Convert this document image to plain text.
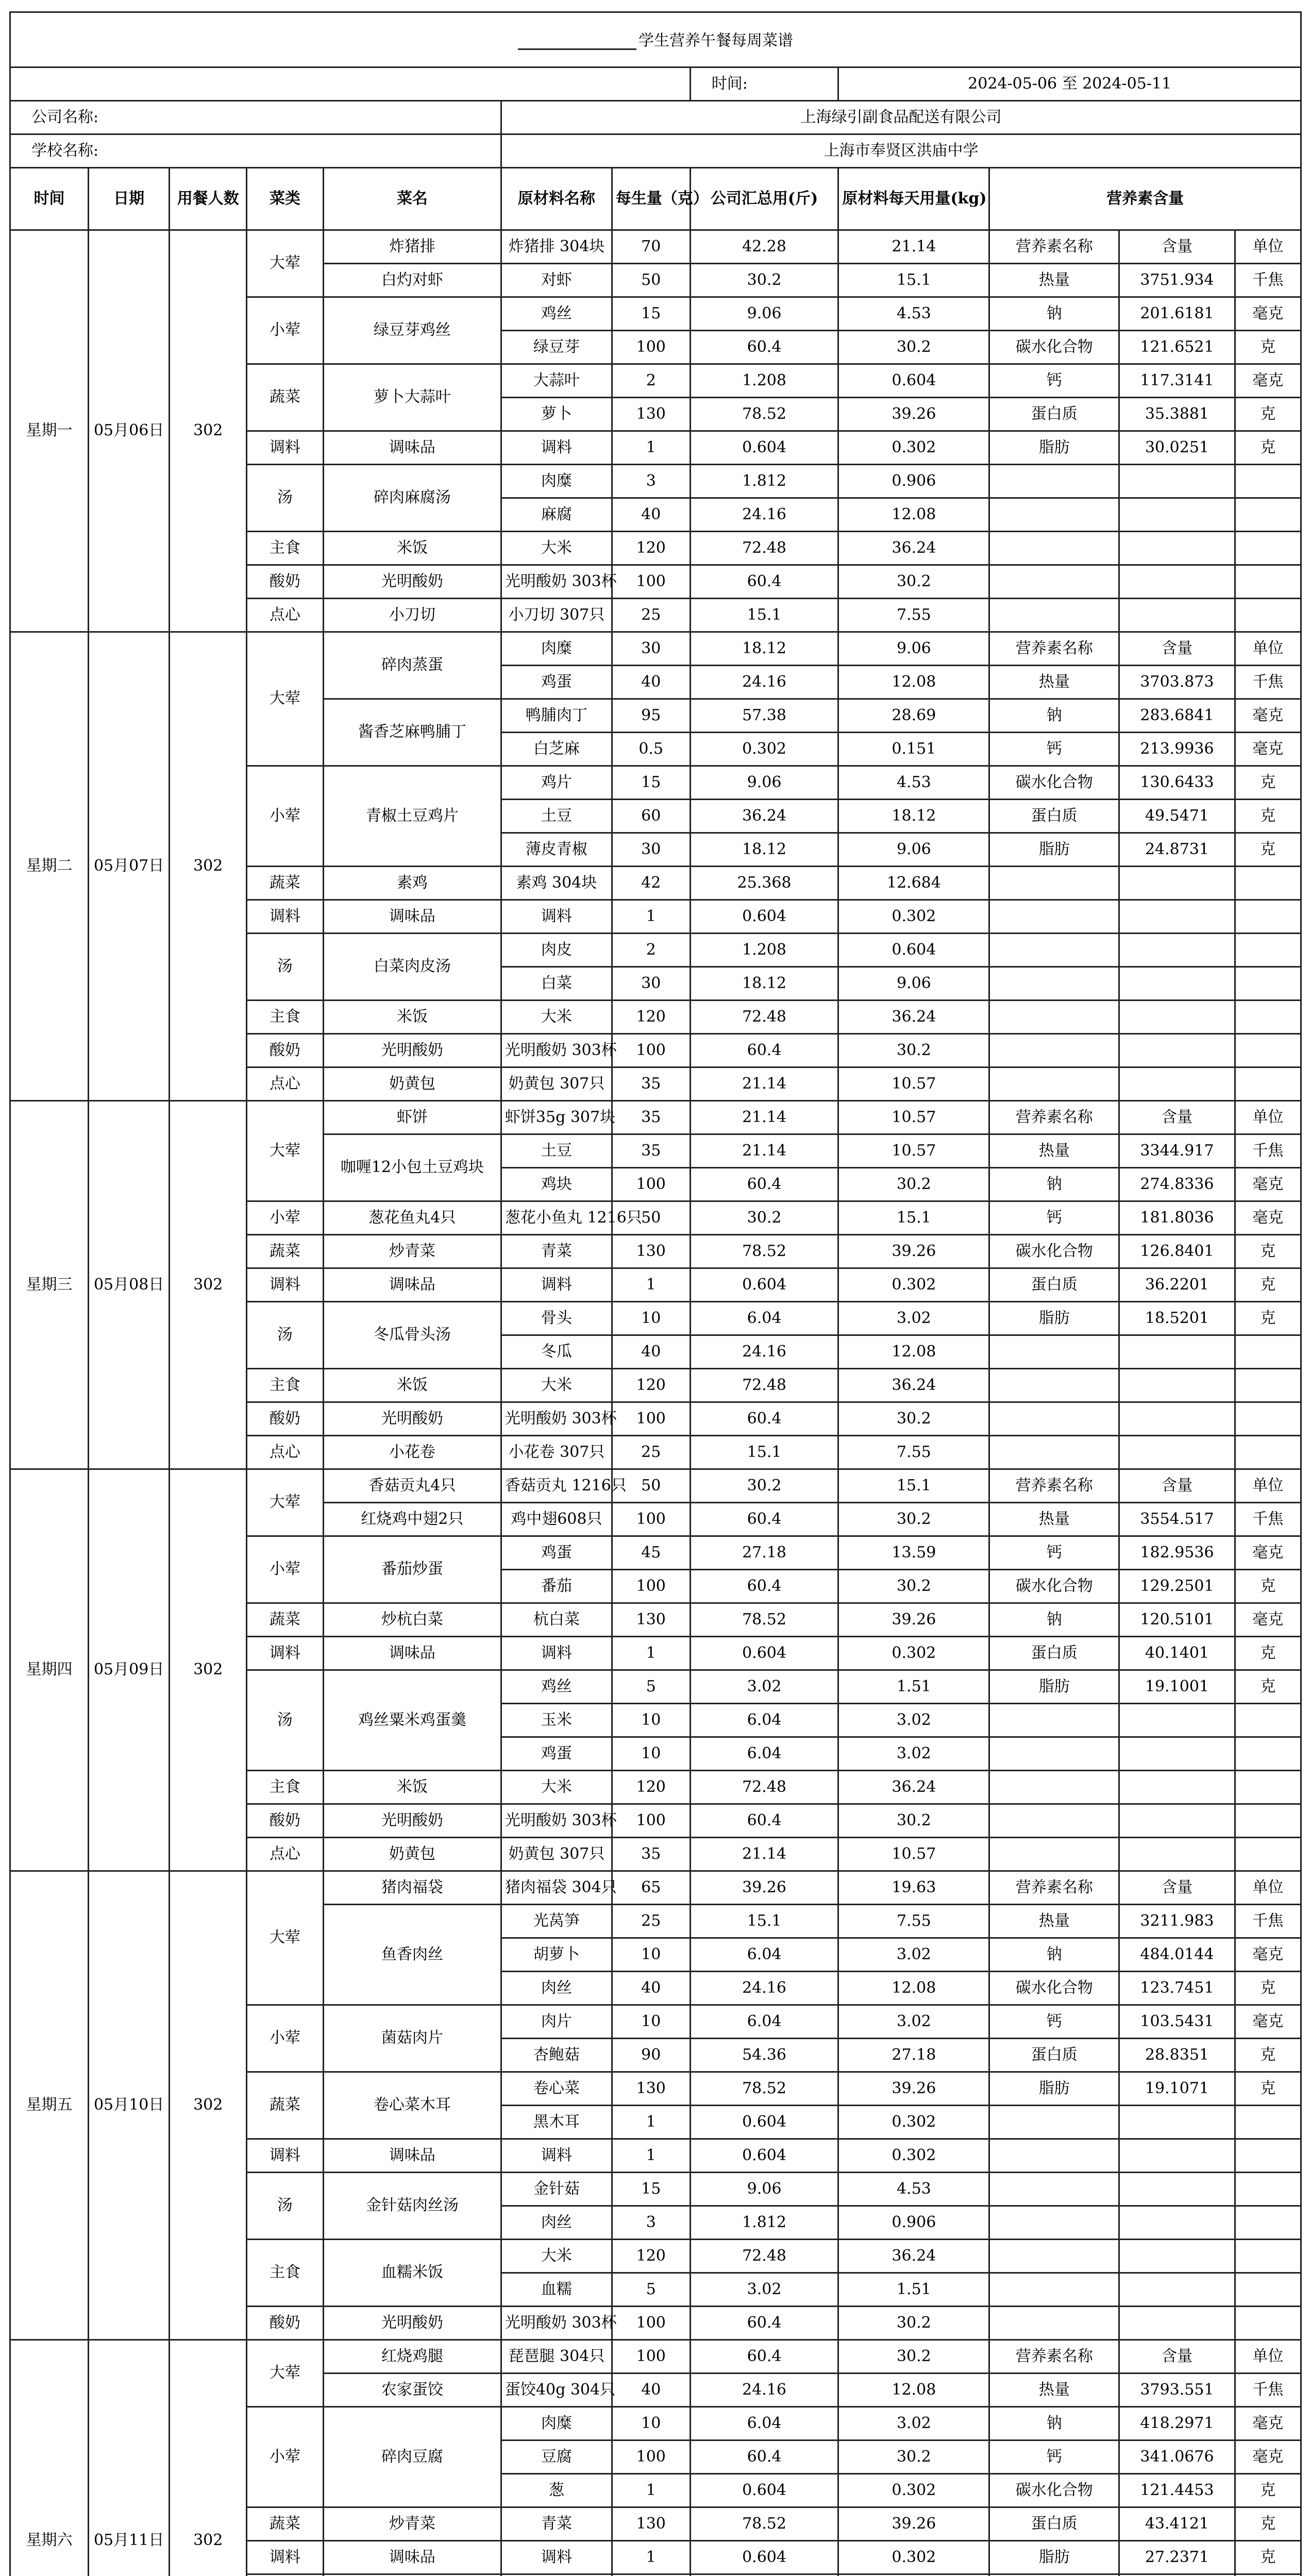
学生营养午餐每周菜谱											
							时间:	2024-05-06 至 2024-05-11			
公司名称:					上海绿引副食品配送有限公司						
学校名称:					上海市奉贤区洪庙中学						
时间	日期	用餐人数	菜类	菜名	原材料名称	每生量（克）	公司汇总用(斤)	原材料每天用量(kg)	营养素含量		
星期一	05月06日	302	大荤	炸猪排	炸猪排 304块	70	42.28	21.14	营养素名称	含量	单位
				白灼对虾	对虾	50	30.2	15.1	热量	3751.934	千焦
			小荤	绿豆芽鸡丝	鸡丝	15	9.06	4.53	钠	201.6181	毫克
					绿豆芽	100	60.4	30.2	碳水化合物	121.6521	克
			蔬菜	萝卜大蒜叶	大蒜叶	2	1.208	0.604	钙	117.3141	毫克
					萝卜	130	78.52	39.26	蛋白质	35.3881	克
			调料	调味品	调料	1	0.604	0.302	脂肪	30.0251	克
			汤	碎肉麻腐汤	肉糜	3	1.812	0.906			
					麻腐	40	24.16	12.08			
			主食	米饭	大米	120	72.48	36.24			
			酸奶	光明酸奶	光明酸奶 303杯	100	60.4	30.2			
			点心	小刀切	小刀切 307只	25	15.1	7.55			
星期二	05月07日	302	大荤	碎肉蒸蛋	肉糜	30	18.12	9.06	营养素名称	含量	单位
					鸡蛋	40	24.16	12.08	热量	3703.873	千焦
				酱香芝麻鸭脯丁	鸭脯肉丁	95	57.38	28.69	钠	283.6841	毫克
					白芝麻	0.5	0.302	0.151	钙	213.9936	毫克
			小荤	青椒土豆鸡片	鸡片	15	9.06	4.53	碳水化合物	130.6433	克
					土豆	60	36.24	18.12	蛋白质	49.5471	克
					薄皮青椒	30	18.12	9.06	脂肪	24.8731	克
			蔬菜	素鸡	素鸡 304块	42	25.368	12.684			
			调料	调味品	调料	1	0.604	0.302			
			汤	白菜肉皮汤	肉皮	2	1.208	0.604			
					白菜	30	18.12	9.06			
			主食	米饭	大米	120	72.48	36.24			
			酸奶	光明酸奶	光明酸奶 303杯	100	60.4	30.2			
			点心	奶黄包	奶黄包 307只	35	21.14	10.57			
星期三	05月08日	302	大荤	虾饼	虾饼35g 307块	35	21.14	10.57	营养素名称	含量	单位
				咖喱12小包土豆鸡块	土豆	35	21.14	10.57	热量	3344.917	千焦
					鸡块	100	60.4	30.2	钠	274.8336	毫克
			小荤	葱花鱼丸4只	葱花小鱼丸 1216只	50	30.2	15.1	钙	181.8036	毫克
			蔬菜	炒青菜	青菜	130	78.52	39.26	碳水化合物	126.8401	克
			调料	调味品	调料	1	0.604	0.302	蛋白质	36.2201	克
			汤	冬瓜骨头汤	骨头	10	6.04	3.02	脂肪	18.5201	克
					冬瓜	40	24.16	12.08			
			主食	米饭	大米	120	72.48	36.24			
			酸奶	光明酸奶	光明酸奶 303杯	100	60.4	30.2			
			点心	小花卷	小花卷 307只	25	15.1	7.55			
星期四	05月09日	302	大荤	香菇贡丸4只	香菇贡丸 1216只	50	30.2	15.1	营养素名称	含量	单位
				红烧鸡中翅2只	鸡中翅608只	100	60.4	30.2	热量	3554.517	千焦
			小荤	番茄炒蛋	鸡蛋	45	27.18	13.59	钙	182.9536	毫克
					番茄	100	60.4	30.2	碳水化合物	129.2501	克
			蔬菜	炒杭白菜	杭白菜	130	78.52	39.26	钠	120.5101	毫克
			调料	调味品	调料	1	0.604	0.302	蛋白质	40.1401	克
			汤	鸡丝粟米鸡蛋羹	鸡丝	5	3.02	1.51	脂肪	19.1001	克
					玉米	10	6.04	3.02			
					鸡蛋	10	6.04	3.02			
			主食	米饭	大米	120	72.48	36.24			
			酸奶	光明酸奶	光明酸奶 303杯	100	60.4	30.2			
			点心	奶黄包	奶黄包 307只	35	21.14	10.57			
星期五	05月10日	302	大荤	猪肉福袋	猪肉福袋 304只	65	39.26	19.63	营养素名称	含量	单位
				鱼香肉丝	光莴笋	25	15.1	7.55	热量	3211.983	千焦
					胡萝卜	10	6.04	3.02	钠	484.0144	毫克
					肉丝	40	24.16	12.08	碳水化合物	123.7451	克
			小荤	菌菇肉片	肉片	10	6.04	3.02	钙	103.5431	毫克
					杏鲍菇	90	54.36	27.18	蛋白质	28.8351	克
			蔬菜	卷心菜木耳	卷心菜	130	78.52	39.26	脂肪	19.1071	克
					黑木耳	1	0.604	0.302			
			调料	调味品	调料	1	0.604	0.302			
			汤	金针菇肉丝汤	金针菇	15	9.06	4.53			
					肉丝	3	1.812	0.906			
			主食	血糯米饭	大米	120	72.48	36.24			
					血糯	5	3.02	1.51			
			酸奶	光明酸奶	光明酸奶 303杯	100	60.4	30.2			
星期六	05月11日	302	大荤	红烧鸡腿	琵琶腿 304只	100	60.4	30.2	营养素名称	含量	单位
				农家蛋饺	蛋饺40g 304只	40	24.16	12.08	热量	3793.551	千焦
			小荤	碎肉豆腐	肉糜	10	6.04	3.02	钠	418.2971	毫克
					豆腐	100	60.4	30.2	钙	341.0676	毫克
					葱	1	0.604	0.302	碳水化合物	121.4453	克
			蔬菜	炒青菜	青菜	130	78.52	39.26	蛋白质	43.4121	克
			调料	调味品	调料	1	0.604	0.302	脂肪	27.2371	克
